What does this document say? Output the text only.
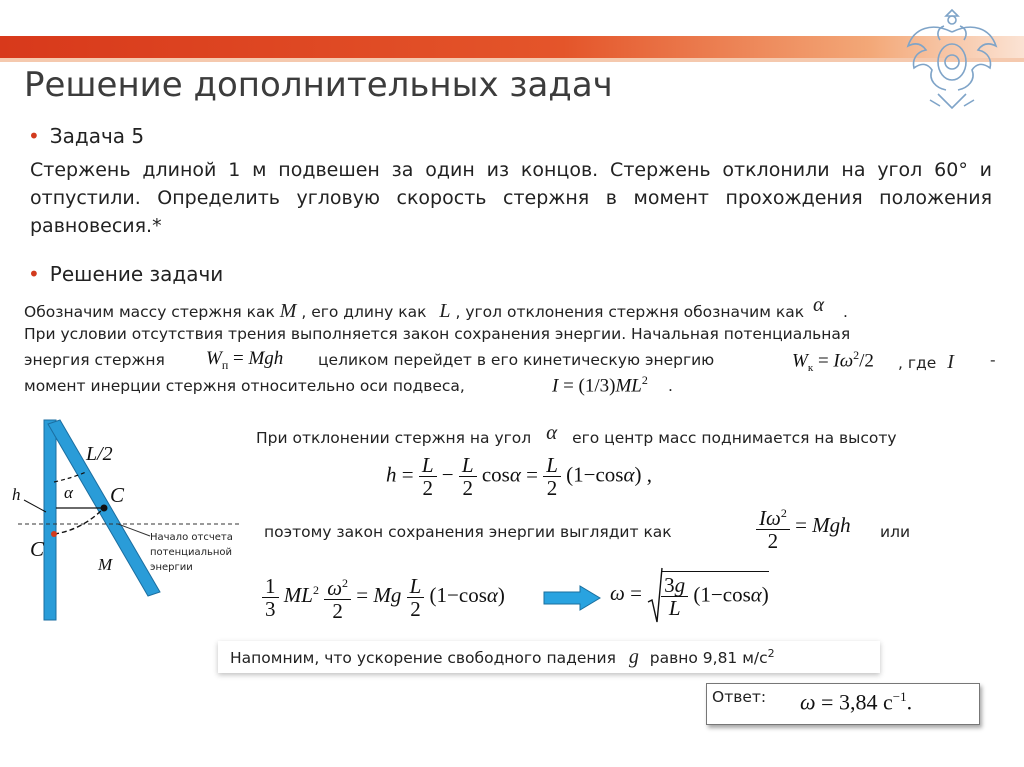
Решение дополнительных задач
• Задача 5
Стержень длиной 1 м подвешен за один из концов. Стержень отклонили на угол 60° и отпустили. Определить угловую скорость стержня в момент прохождения положения равновесия.*
• Решение задачи
Обозначим массу стержня как M , его длину как L , угол отклонения стержня обозначим как α .
При условии отсутствия трения выполняется закон сохранения энергии. Начальная потенциальная
энергия стержня $W_п$ = Mgh целиком перейдет в его кинетическую энергию	$W_к = I\omega^2/2$ , где I -
момент инерции стержня относительно оси подвеса,	$I = (1/3)ML^2$ .
L/2
α
h	C
C
M
Начало отсчета
потенциальной
энергии
При отклонении стержня на угол α его центр масс поднимается на высоту
$h = \frac{L}{2} - \frac{L}{2}$ $\cos\alpha = \frac{L}{2} (1-\cos\alpha)$ ,
поэтому закон сохранения энергии выглядит как	$\frac{I\omega^2}{2}$ = Mgh или
$\frac{1}{3} ML^2 \frac{\omega^2}{2} = Mg \frac{L}{2} (1-\cos\alpha)$	$\omega = \frac{3g}{L} (1-\cos\alpha)$
Напомним, что ускорение свободного падения g равно 9,81 $м/с^2$
Ответ: ω = 3,84 $с^{-1}$.
